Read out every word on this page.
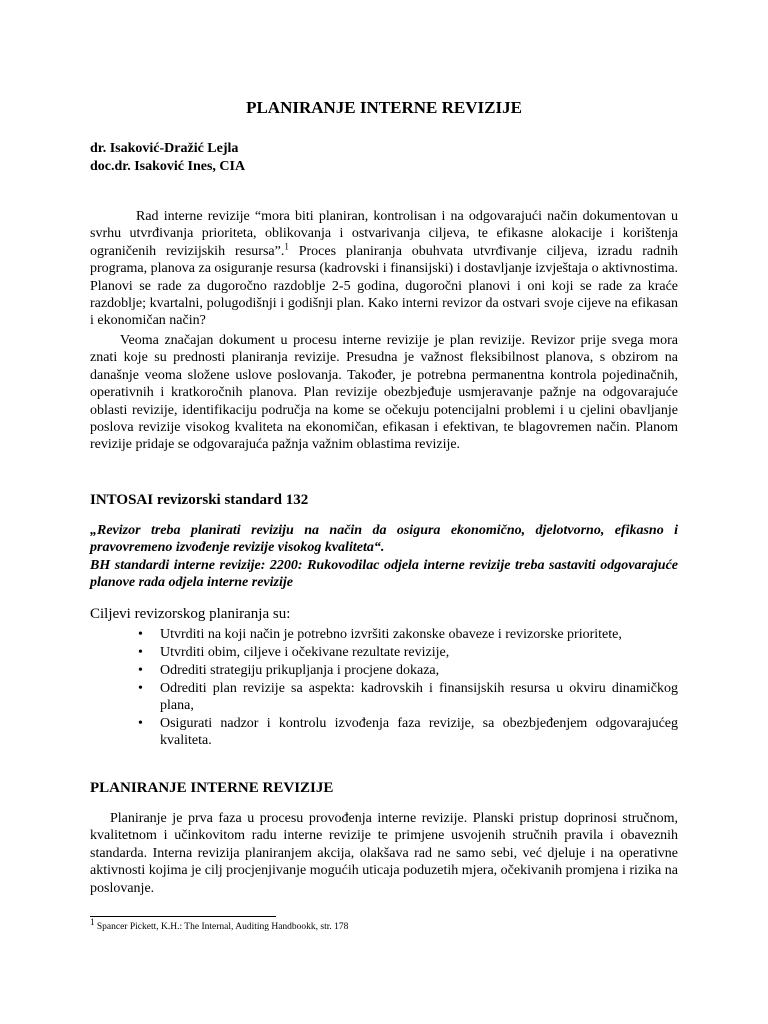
PLANIRANJE INTERNE REVIZIJE
dr. Isaković-Dražić Lejla
doc.dr. Isaković Ines, CIA

Rad interne revizije “mora biti planiran, kontrolisan i na odgovarajući način dokumentovan u svrhu utvrđivanja prioriteta, oblikovanja i ostvarivanja ciljeva, te efikasne alokacije i korištenja ograničenih revizijskih resursa”.$^1$ Proces planiranja obuhvata utvrđivanje ciljeva, izradu radnih programa, planova za osiguranje resursa (kadrovski i finansijski) i dostavljanje izvještaja o aktivnostima. Planovi se rade za dugoročno razdoblje 2-5 godina, dugoročni planovi i oni koji se rade za kraće razdoblje; kvartalni, polugodišnji i godišnji plan. Kako interni revizor da ostvari svoje cijeve na efikasan i ekonomičan način?

Veoma značajan dokument u procesu interne revizije je plan revizije. Revizor prije svega mora znati koje su prednosti planiranja revizije. Presudna je važnost fleksibilnost planova, s obzirom na današnje veoma složene uslove poslovanja. Također, je potrebna permanentna kontrola pojedinačnih, operativnih i kratkoročnih planova. Plan revizije obezbjeđuje usmjeravanje pažnje na odgovarajuće oblasti revizije, identifikaciju područja na kome se očekuju potencijalni problemi i u cjelini obavljanje poslova revizije visokog kvaliteta na ekonomičan, efikasan i efektivan, te blagovremen način. Planom revizije pridaje se odgovarajuća pažnja važnim oblastima revizije.

INTOSAI revizorski standard 132
„Revizor treba planirati reviziju na način da osigura ekonomično, djelotvorno, efikasno i pravovremeno izvođenje revizije visokog kvaliteta“.
BH standardi interne revizije: 2200: Rukovodilac odjela interne revizije treba sastaviti odgovarajuće planove rada odjela interne revizije
Ciljevi revizorskog planiranja su:
• Utvrditi na koji način je potrebno izvršiti zakonske obaveze i revizorske prioritete,
• Utvrditi obim, ciljeve i očekivane rezultate revizije,
• Odrediti strategiju prikupljanja i procjene dokaza,
• Odrediti plan revizije sa aspekta: kadrovskih i finansijskih resursa u okviru dinamičkog plana,
• Osigurati nadzor i kontrolu izvođenja faza revizije, sa obezbjeđenjem odgovarajućeg kvaliteta.
PLANIRANJE INTERNE REVIZIJE

Planiranje je prva faza u procesu provođenja interne revizije. Planski pristup doprinosi stručnom, kvalitetnom i učinkovitom radu interne revizije te primjene usvojenih stručnih pravila i obaveznih standarda. Interna revizija planiranjem akcija, olakšava rad ne samo sebi, već djeluje i na operativne aktivnosti kojima je cilj procjenjivanje mogućih uticaja poduzetih mjera, očekivanih promjena i rizika na poslovanje.

$^1$ Spancer Pickett, K.H.: The Internal, Auditing Handbookk, str. 178
